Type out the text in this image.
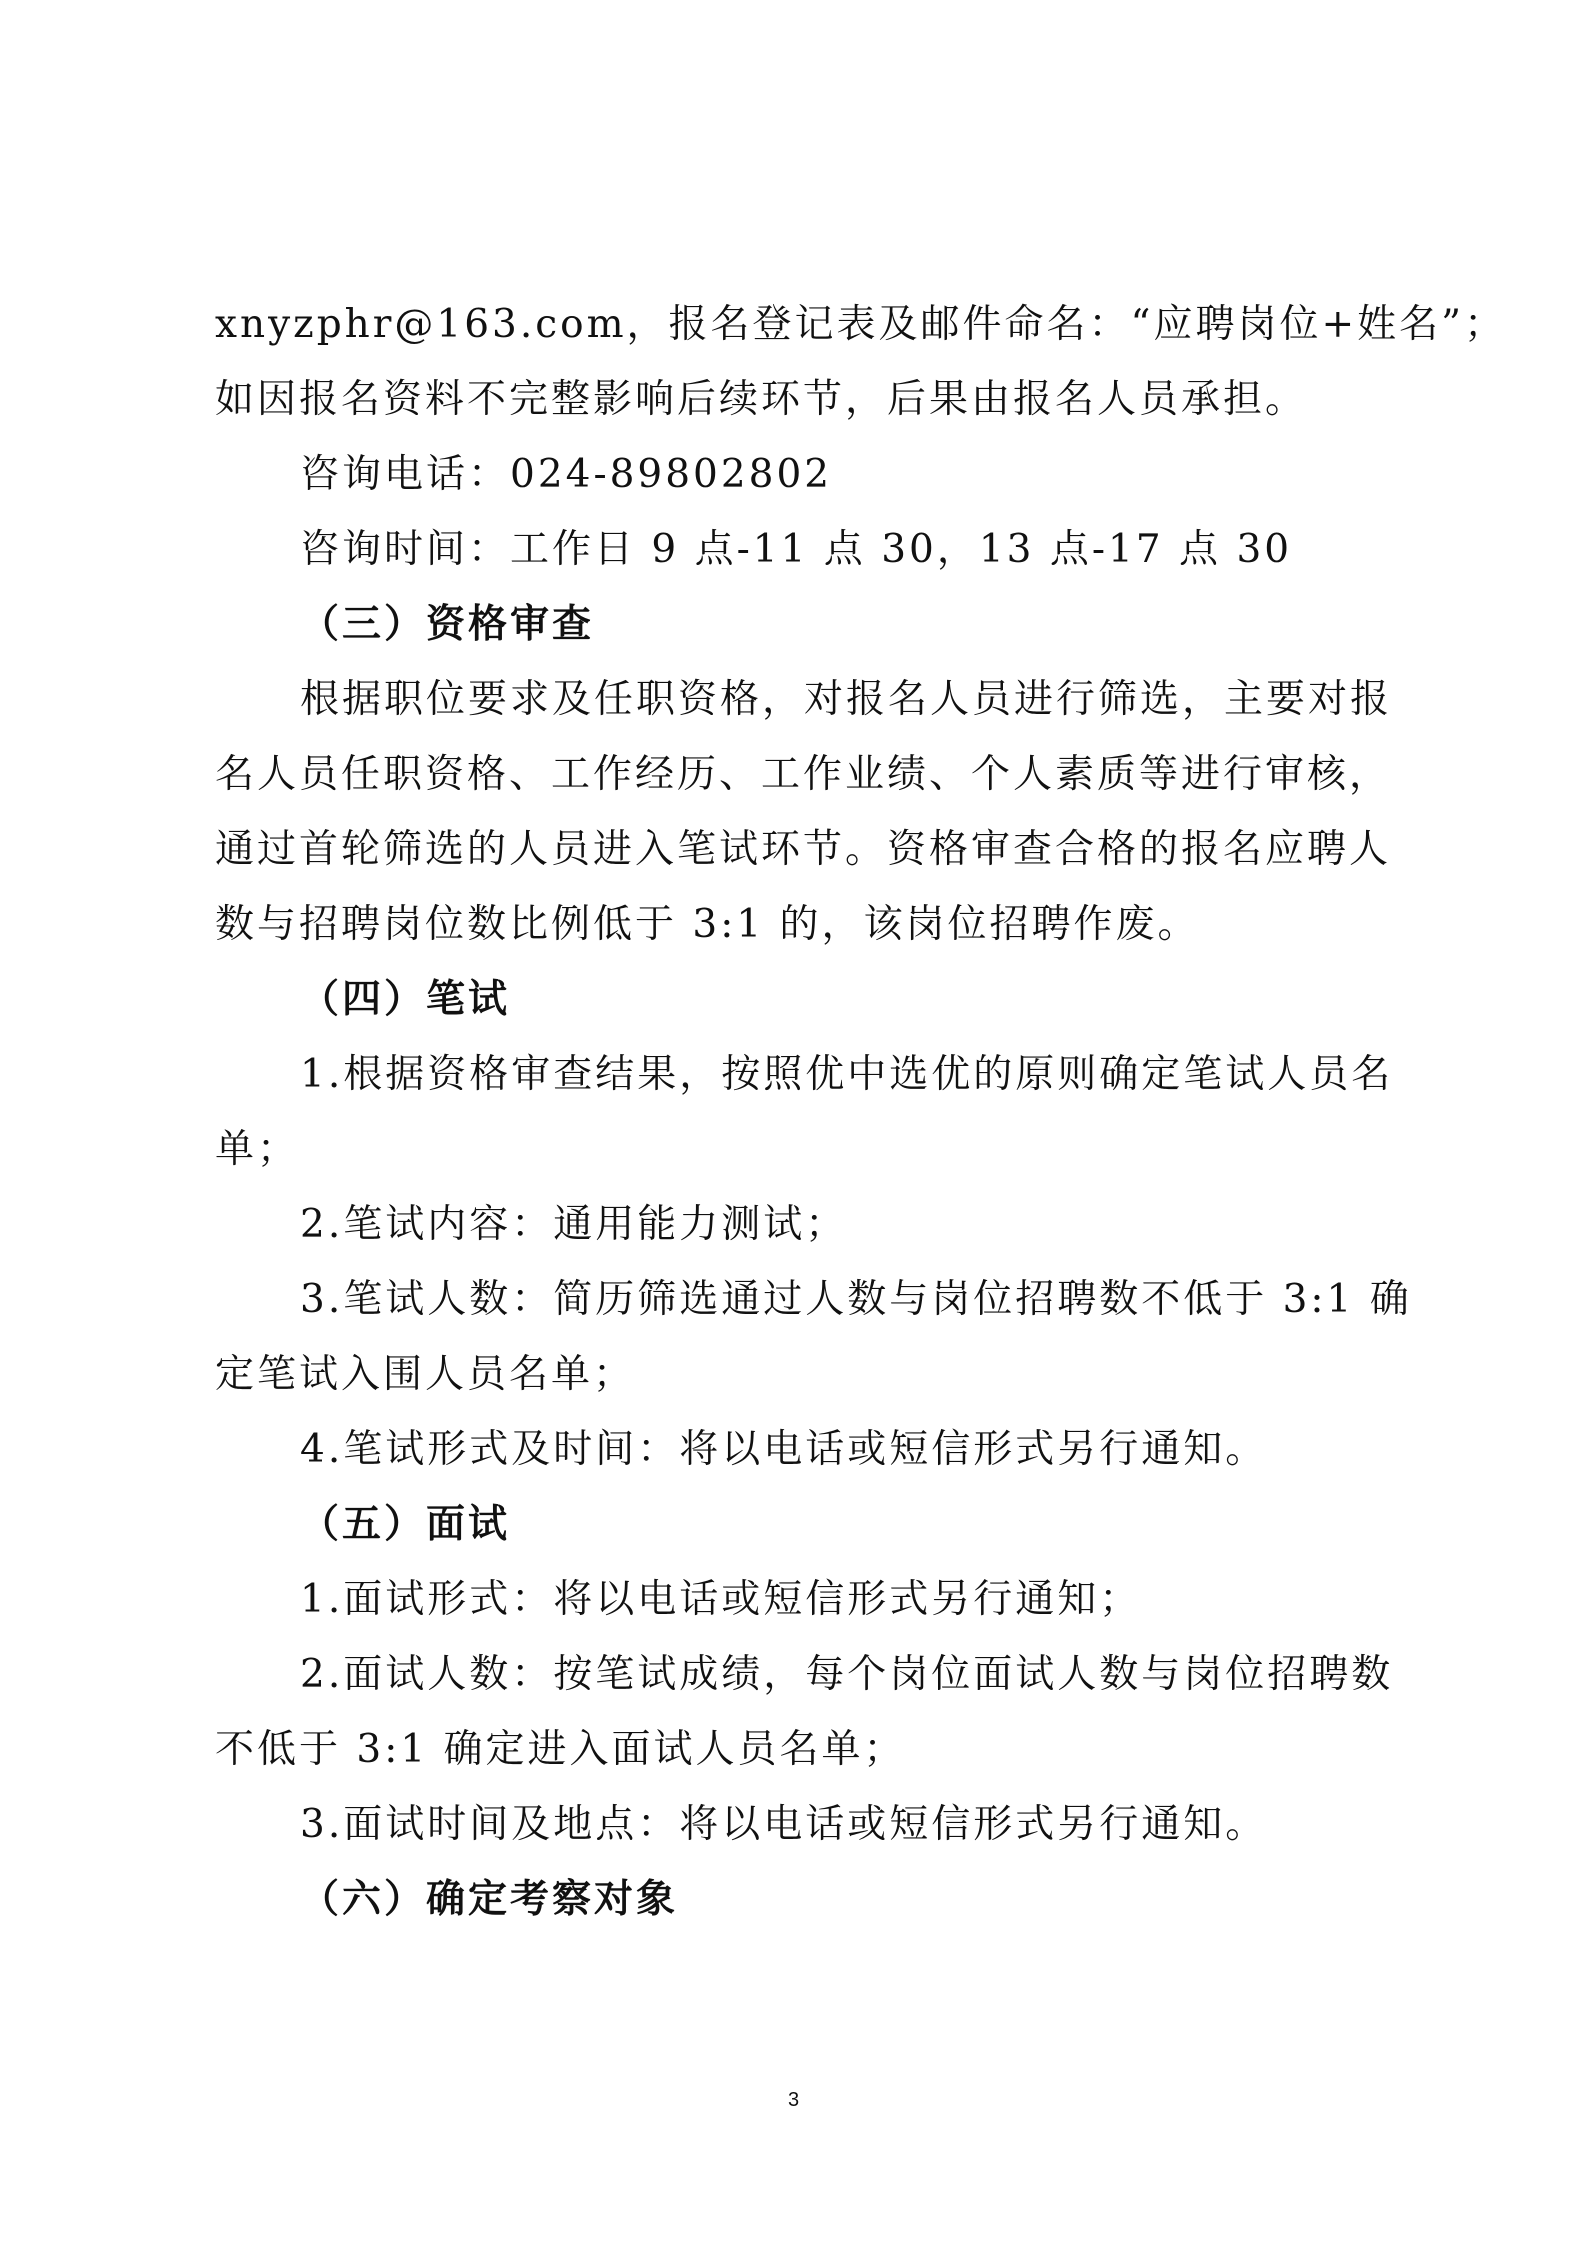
xnyzphr@163.com，报名登记表及邮件命名：“应聘岗位+姓名”；
如因报名资料不完整影响后续环节，后果由报名人员承担。
咨询电话：024-89802802
咨询时间：工作日 9 点-11 点 30，13 点-17 点 30
（三）资格审查
根据职位要求及任职资格，对报名人员进行筛选，主要对报
名人员任职资格、工作经历、工作业绩、个人素质等进行审核，
通过首轮筛选的人员进入笔试环节。资格审查合格的报名应聘人
数与招聘岗位数比例低于 3:1 的，该岗位招聘作废。
（四）笔试
1.根据资格审查结果，按照优中选优的原则确定笔试人员名
单；
2.笔试内容：通用能力测试；
3.笔试人数：简历筛选通过人数与岗位招聘数不低于 3:1 确
定笔试入围人员名单；
4.笔试形式及时间：将以电话或短信形式另行通知。
（五）面试
1.面试形式：将以电话或短信形式另行通知；
2.面试人数：按笔试成绩，每个岗位面试人数与岗位招聘数
不低于 3:1 确定进入面试人员名单；
3.面试时间及地点：将以电话或短信形式另行通知。
（六）确定考察对象
3
